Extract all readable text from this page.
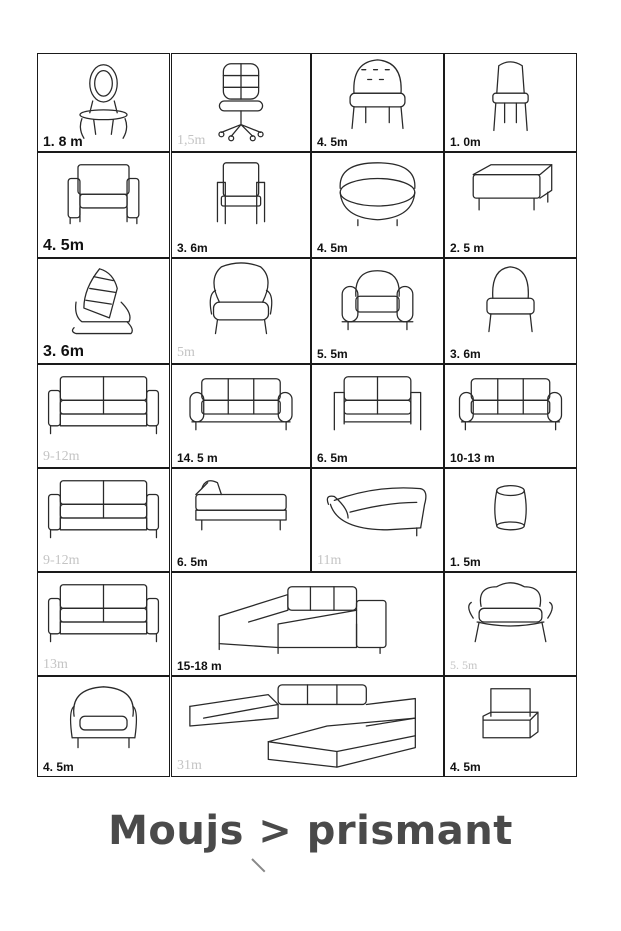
1. 8 m	1,5m	4. 5m	1. 0m
4. 5m	3. 6m	4. 5m	2. 5 m
3. 6m	5m	5. 5m	3. 6m
9-12m	14. 5 m	6. 5m	10-13 m
9-12m	6. 5m	11m	1. 5m
13m	15-18 m	5. 5m
4. 5m	31m	4. 5m
Moujs > prismant
